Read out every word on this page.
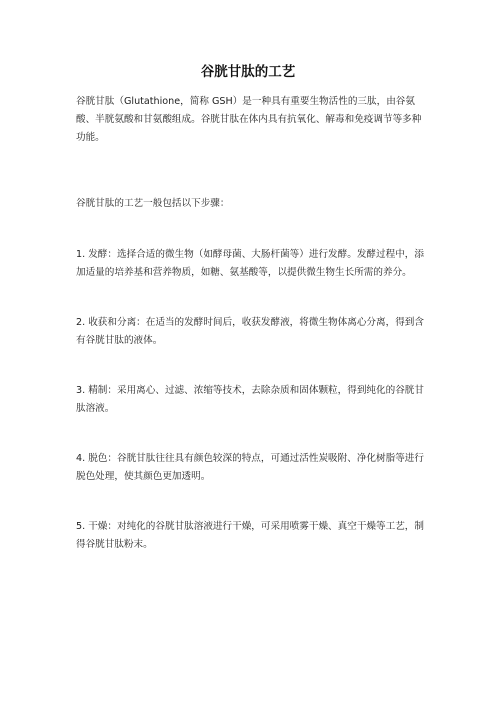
谷胱甘肽的工艺

谷胱甘肽（Glutathione，简称 GSH）是一种具有重要生物活性的三肽，由谷氨酸、半胱氨酸和甘氨酸组成。谷胱甘肽在体内具有抗氧化、解毒和免疫调节等多种功能。

谷胱甘肽的工艺一般包括以下步骤：

1. 发酵：选择合适的微生物（如酵母菌、大肠杆菌等）进行发酵。发酵过程中，添加适量的培养基和营养物质，如糖、氨基酸等，以提供微生物生长所需的养分。

2. 收获和分离：在适当的发酵时间后，收获发酵液，将微生物体离心分离，得到含有谷胱甘肽的液体。

3. 精制：采用离心、过滤、浓缩等技术，去除杂质和固体颗粒，得到纯化的谷胱甘肽溶液。

4. 脱色：谷胱甘肽往往具有颜色较深的特点，可通过活性炭吸附、净化树脂等进行脱色处理，使其颜色更加透明。

5. 干燥：对纯化的谷胱甘肽溶液进行干燥，可采用喷雾干燥、真空干燥等工艺，制得谷胱甘肽粉末。
